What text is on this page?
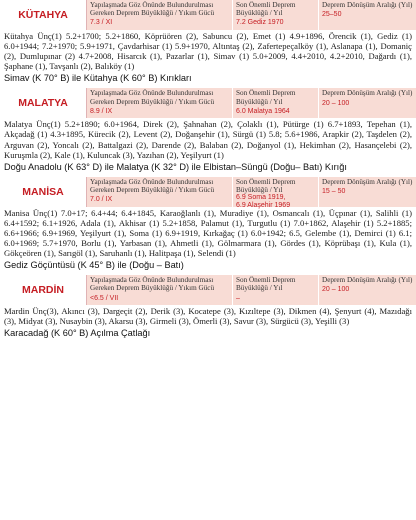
KÜTAHYA
Yapılaşmada Göz Önünde Bulundurulması Gereken Deprem Büyüklüğü / Yıkım Gücü
7.3 / XI
Son Önemli Deprem Büyüklüğü / Yıl
7.2 Gediz 1970
Deprem Dönüşüm Aralığı (Yıl)
25–50
Kütahya Ünç(1) 5.2+1700; 5.2+1860, Köprüören (2), Sabuncu (2), Emet (1) 4.9+1896, Örencik (1), Gediz (1) 6.0+1944; 7.2+1970; 5.9+1971, Çavdarhisar (1) 5.9+1970, Altıntaş (2), Zafertepeçalköy (1), Aslanapa (1), Domaniç (2), Dumlupınar (2) 4.7+2008, Hisarcık (1), Pazarlar (1), Simav (1) 5.0+2009, 4.4+2010, 4.2+2010, Dağardı (1), Şaphane (1), Tavşanlı (2), Balıköy (1)
Simav (K 70° B) ile Kütahya (K 60° B) Kırıkları
MALATYA
Yapılaşmada Göz Önünde Bulundurulması Gereken Deprem Büyüklüğü / Yıkım Gücü
8.9 / IX
Son Önemli Deprem Büyüklüğü / Yıl
6.0 Malatya 1964
Deprem Dönüşüm Aralığı (Yıl)
20 – 100
Malatya Ünç(1) 5.2+1890; 6.0+1964, Direk (2), Şahnahan (2), Çolaklı (1), Pütürge (1) 6.7+1893, Tepehan (1), Akçadağ (1) 4.3+1895, Kürecik (2), Levent (2), Doğanşehir (1), Sürgü (1) 5.8; 5.6+1986, Arapkir (2), Taşdelen (2), Arguvan (2), Yoncalı (2), Battalgazi (2), Darende (2), Balaban (2), Doğanyol (1), Hekimhan (2), Hasançelebi (2), Kuruşmla (2), Kale (1), Kuluncak (3), Yazıhan (2), Yeşilyurt (1)
Doğu Anadolu (K 63° D) ile Malatya (K 32° D) ile Elbistan–Süngü (Doğu– Batı) Kırığı
MANİSA
Yapılaşmada Göz Önünde Bulundurulması Gereken Deprem Büyüklüğü / Yıkım Gücü
7.0 / IX
Son Önemli Deprem Büyüklüğü / Yıl
6.9 Soma 1919,
6.9 Alaşehir 1969
Deprem Dönüşüm Aralığı (Yıl)
15 – 50
Manisa Ünç(1) 7.0+17; 6.4+44; 6.4+1845, Karaoğlanlı (1), Muradiye (1), Osmancalı (1), Üçpınar (1), Salihli (1) 6.4+1592; 6.1+1926, Adala (1), Akhisar (1) 5.2+1858, Palamut (1), Turgutlu (1) 7.0+1862, Alaşehir (1) 5.2+1885; 6.6+1966; 6.9+1969, Yeşilyurt (1), Soma (1) 6.9+1919, Kırkağaç (1) 6.0+1942; 6.5, Gelembe (1), Demirci (1) 6.1; 6.0+1969; 5.7+1970, Borlu (1), Yarbasan (1), Ahmetli (1), Gölmarmara (1), Gördes (1), Köprübaşı (1), Kula (1), Gökçeören (1), Sarıgöl (1), Saruhanlı (1), Halitpaşa (1), Selendi (1)
Gediz Göçüntüsü (K 45° B) ile (Doğu – Batı)
MARDİN
Yapılaşmada Göz Önünde Bulundurulması Gereken Deprem Büyüklüğü / Yıkım Gücü
<6.5 / VII
Son Önemli Deprem Büyüklüğü / Yıl
–
Deprem Dönüşüm Aralığı (Yıl)
20 – 100
Mardin Ünç(3), Akıncı (3), Dargeçit (2), Derik (3), Kocatepe (3), Kızıltepe (3), Dikmen (4), Şenyurt (4), Mazıdağı (3), Midyat (3), Nusaybin (3), Akarsu (3), Girmeli (3), Ömerli (3), Savur (3), Sürgücü (3), Yeşilli (3)
Karacadağ (K 60° B) Açılma Çatlağı
